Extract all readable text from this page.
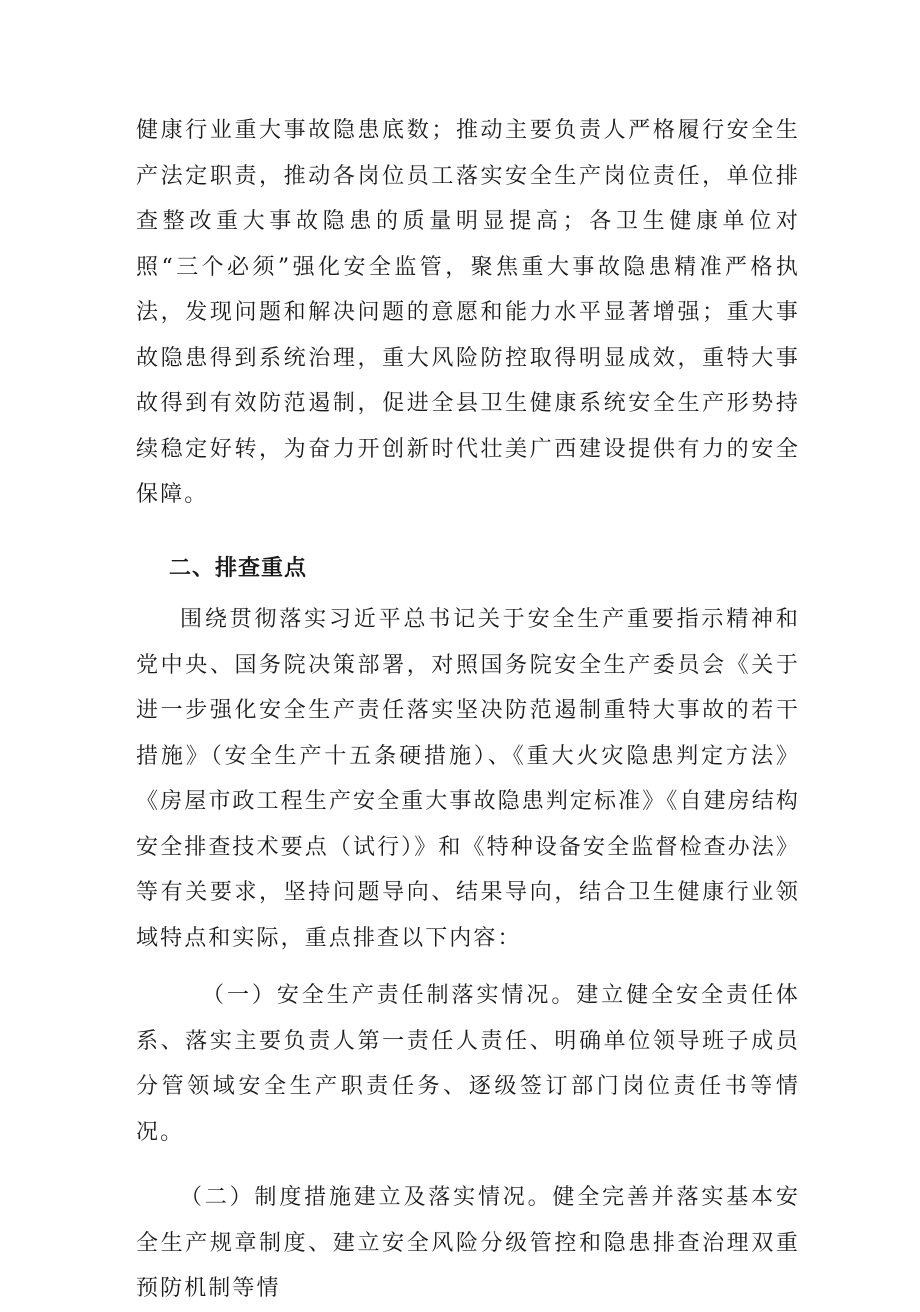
健康行业重大事故隐患底数；推动主要负责人严格履行安全生产法定职责，推动各岗位员工落实安全生产岗位责任，单位排查整改重大事故隐患的质量明显提高；各卫生健康单位对照“三个必须”强化安全监管，聚焦重大事故隐患精准严格执法，发现问题和解决问题的意愿和能力水平显著增强；重大事故隐患得到系统治理，重大风险防控取得明显成效，重特大事故得到有效防范遏制，促进全县卫生健康系统安全生产形势持续稳定好转，为奋力开创新时代壮美广西建设提供有力的安全保障。

二、排查重点

围绕贯彻落实习近平总书记关于安全生产重要指示精神和党中央、国务院决策部署，对照国务院安全生产委员会《关于进一步强化安全生产责任落实坚决防范遏制重特大事故的若干措施》（安全生产十五条硬措施）、《重大火灾隐患判定方法》《房屋市政工程生产安全重大事故隐患判定标准》《自建房结构安全排查技术要点（试行）》和《特种设备安全监督检查办法》等有关要求，坚持问题导向、结果导向，结合卫生健康行业领域特点和实际，重点排查以下内容：

（一）安全生产责任制落实情况。建立健全安全责任体系、落实主要负责人第一责任人责任、明确单位领导班子成员分管领域安全生产职责任务、逐级签订部门岗位责任书等情况。

（二）制度措施建立及落实情况。健全完善并落实基本安全生产规章制度、建立安全风险分级管控和隐患排查治理双重预防机制等情
